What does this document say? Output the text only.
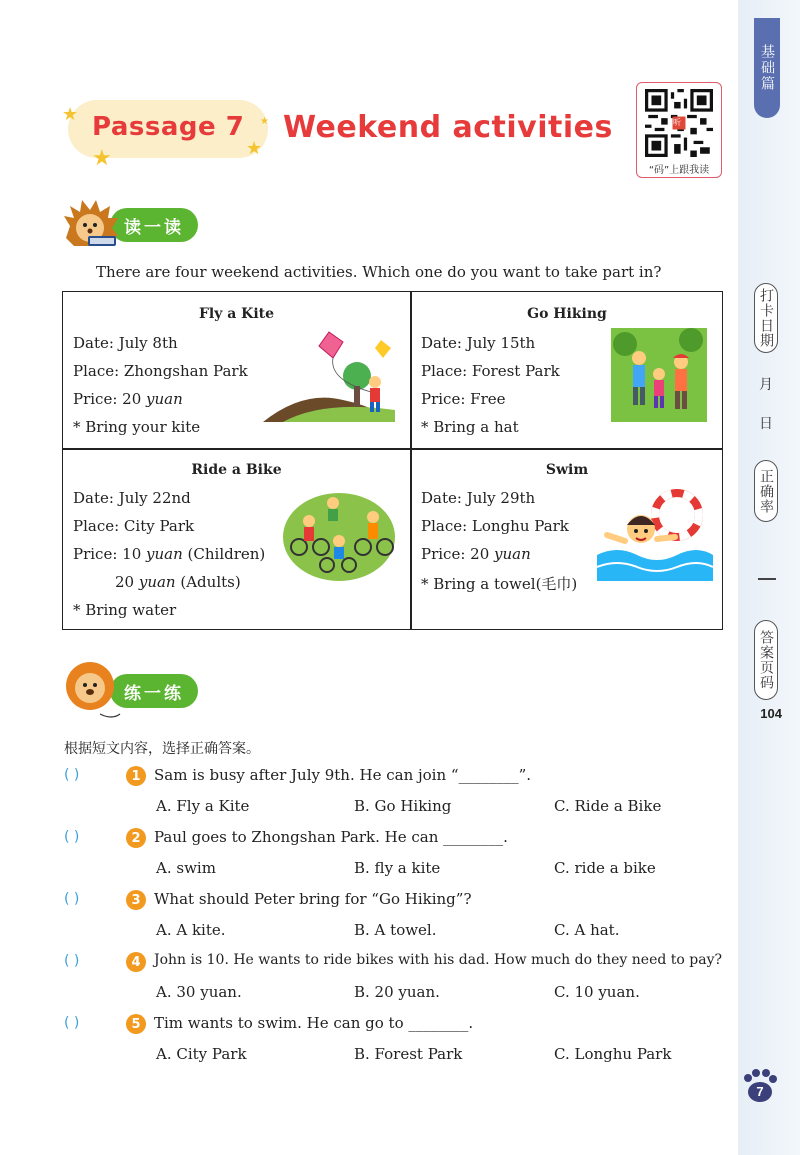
基础篇
打卡日期
月
日
正确率
答案页码
104
7
★
★	★
★
Passage 7 Weekend activities	听
“码”上跟我读
读一读
There are four weekend activities. Which one do you want to take part in?
Fly a Kite
Date: July 8th
Place: Zhongshan Park
Price: 20 yuan
* Bring your kite
Go Hiking
Date: July 15th
Place: Forest Park
Price: Free
* Bring a hat
Ride a Bike
Date: July 22nd
Place: City Park
Price: 10 yuan (Children)
20 yuan (Adults)
* Bring water
Swim
Date: July 29th
Place: Longhu Park
Price: 20 yuan
* Bring a towel(毛巾)
练一练
根据短文内容，选择正确答案。
( )	1 Sam is busy after July 9th. He can join “________”.
A. Fly a Kite	B. Go Hiking	C. Ride a Bike
( )	2 Paul goes to Zhongshan Park. He can ________.
A. swim	B. fly a kite	C. ride a bike
( )	3 What should Peter bring for “Go Hiking”?
A. A kite.	B. A towel.	C. A hat.
( )	4 John is 10. He wants to ride bikes with his dad. How much do they need to pay?
A. 30 yuan.	B. 20 yuan.	C. 10 yuan.
( )	5 Tim wants to swim. He can go to ________.
A. City Park	B. Forest Park	C. Longhu Park
